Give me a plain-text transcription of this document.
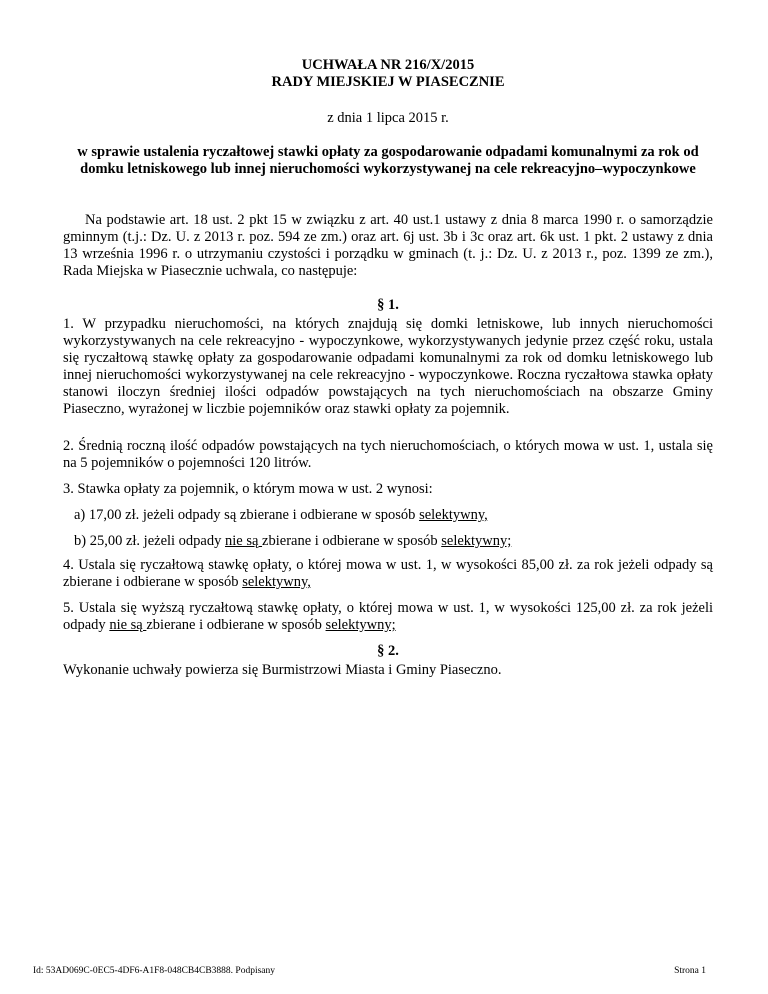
UCHWAŁA NR 216/X/2015
RADY MIEJSKIEJ W PIASECZNIE
z dnia 1 lipca 2015 r.
w sprawie ustalenia ryczałtowej stawki opłaty za gospodarowanie odpadami komunalnymi za rok od domku letniskowego lub innej nieruchomości wykorzystywanej na cele rekreacyjno–wypoczynkowe
Na podstawie art. 18 ust. 2 pkt 15 w związku z art. 40 ust.1 ustawy z dnia 8 marca 1990 r. o samorządzie gminnym (t.j.: Dz. U. z 2013 r. poz. 594 ze zm.) oraz art. 6j ust. 3b i 3c oraz art. 6k ust. 1 pkt. 2 ustawy z dnia 13 września 1996 r. o utrzymaniu czystości i porządku w gminach (t. j.: Dz. U. z 2013 r., poz. 1399 ze zm.), Rada Miejska w Piasecznie uchwala, co następuje:
§ 1.
1. W przypadku nieruchomości, na których znajdują się domki letniskowe, lub innych nieruchomości wykorzystywanych na cele rekreacyjno - wypoczynkowe, wykorzystywanych jedynie przez część roku, ustala się ryczałtową stawkę opłaty za gospodarowanie odpadami komunalnymi za rok od domku letniskowego lub innej nieruchomości wykorzystywanej na cele rekreacyjno - wypoczynkowe. Roczna ryczałtowa stawka opłaty stanowi iloczyn średniej ilości odpadów powstających na tych nieruchomościach na obszarze Gminy Piaseczno, wyrażonej w liczbie pojemników oraz stawki opłaty za pojemnik.
2. Średnią roczną ilość odpadów powstających na tych nieruchomościach, o których mowa w ust. 1, ustala się na 5 pojemników o pojemności 120 litrów.
3. Stawka opłaty za pojemnik, o którym mowa w ust. 2 wynosi:
a) 17,00 zł. jeżeli odpady są zbierane i odbierane w sposób selektywny,
b) 25,00 zł. jeżeli odpady nie są zbierane i odbierane w sposób selektywny;
4. Ustala się ryczałtową stawkę opłaty, o której mowa w ust. 1, w wysokości 85,00 zł. za rok jeżeli odpady są zbierane i odbierane w sposób selektywny,
5. Ustala się wyższą ryczałtową stawkę opłaty, o której mowa w ust. 1, w wysokości 125,00 zł. za rok jeżeli odpady nie są zbierane i odbierane w sposób selektywny;
§ 2.
Wykonanie uchwały powierza się Burmistrzowi Miasta i Gminy Piaseczno.
Id: 53AD069C-0EC5-4DF6-A1F8-048CB4CB3888. Podpisany	Strona 1
